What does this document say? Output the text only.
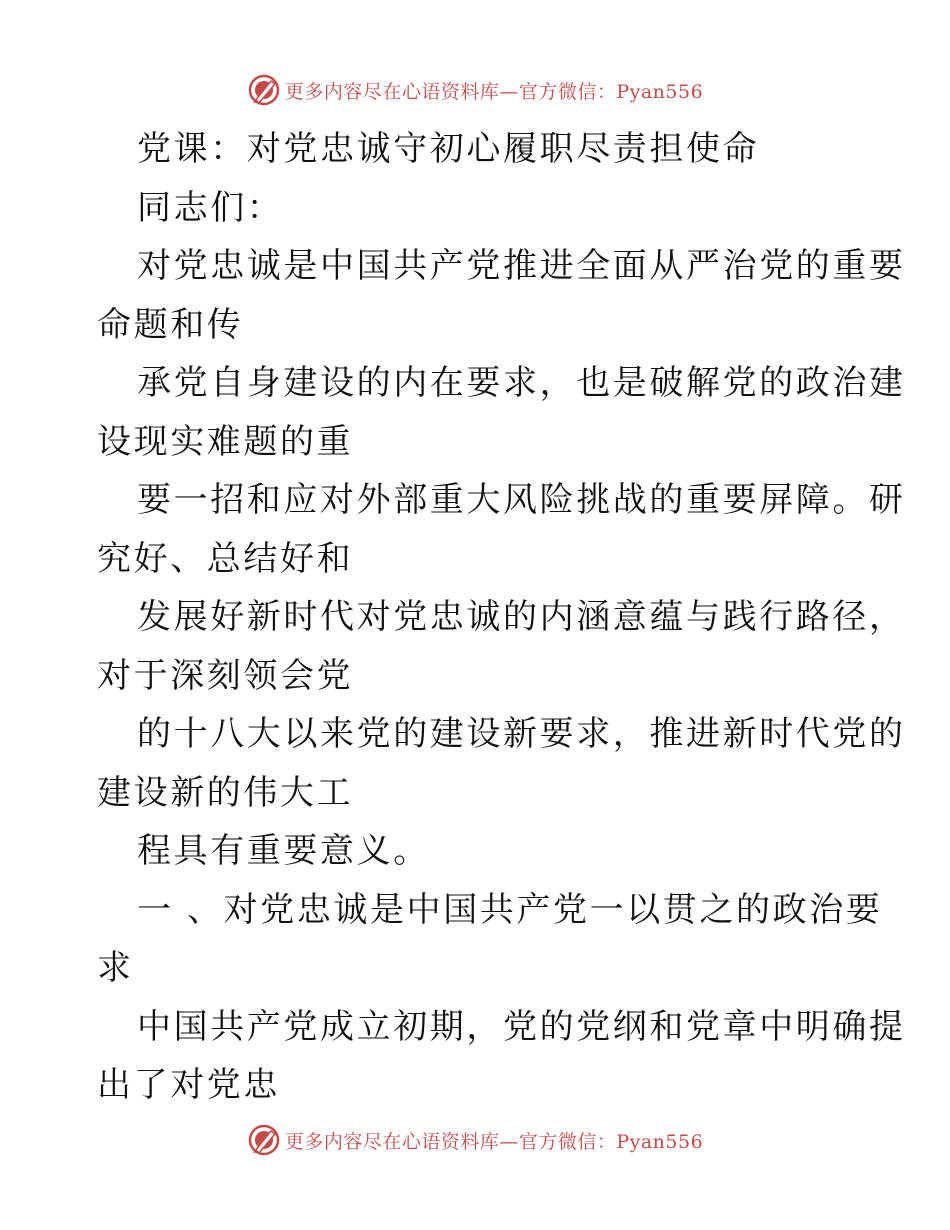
更多内容尽在心语资料库—官方微信：Pyan556
党课：对党忠诚守初心履职尽责担使命
同志们：
对党忠诚是中国共产党推进全面从严治党的重要
命题和传
承党自身建设的内在要求，也是破解党的政治建
设现实难题的重
要一招和应对外部重大风险挑战的重要屏障。研
究好、总结好和
发展好新时代对党忠诚的内涵意蕴与践行路径，
对于深刻领会党
的十八大以来党的建设新要求，推进新时代党的
建设新的伟大工
程具有重要意义。
一 、对党忠诚是中国共产党一以贯之的政治要
求
中国共产党成立初期，党的党纲和党章中明确提
出了对党忠
更多内容尽在心语资料库—官方微信：Pyan556
